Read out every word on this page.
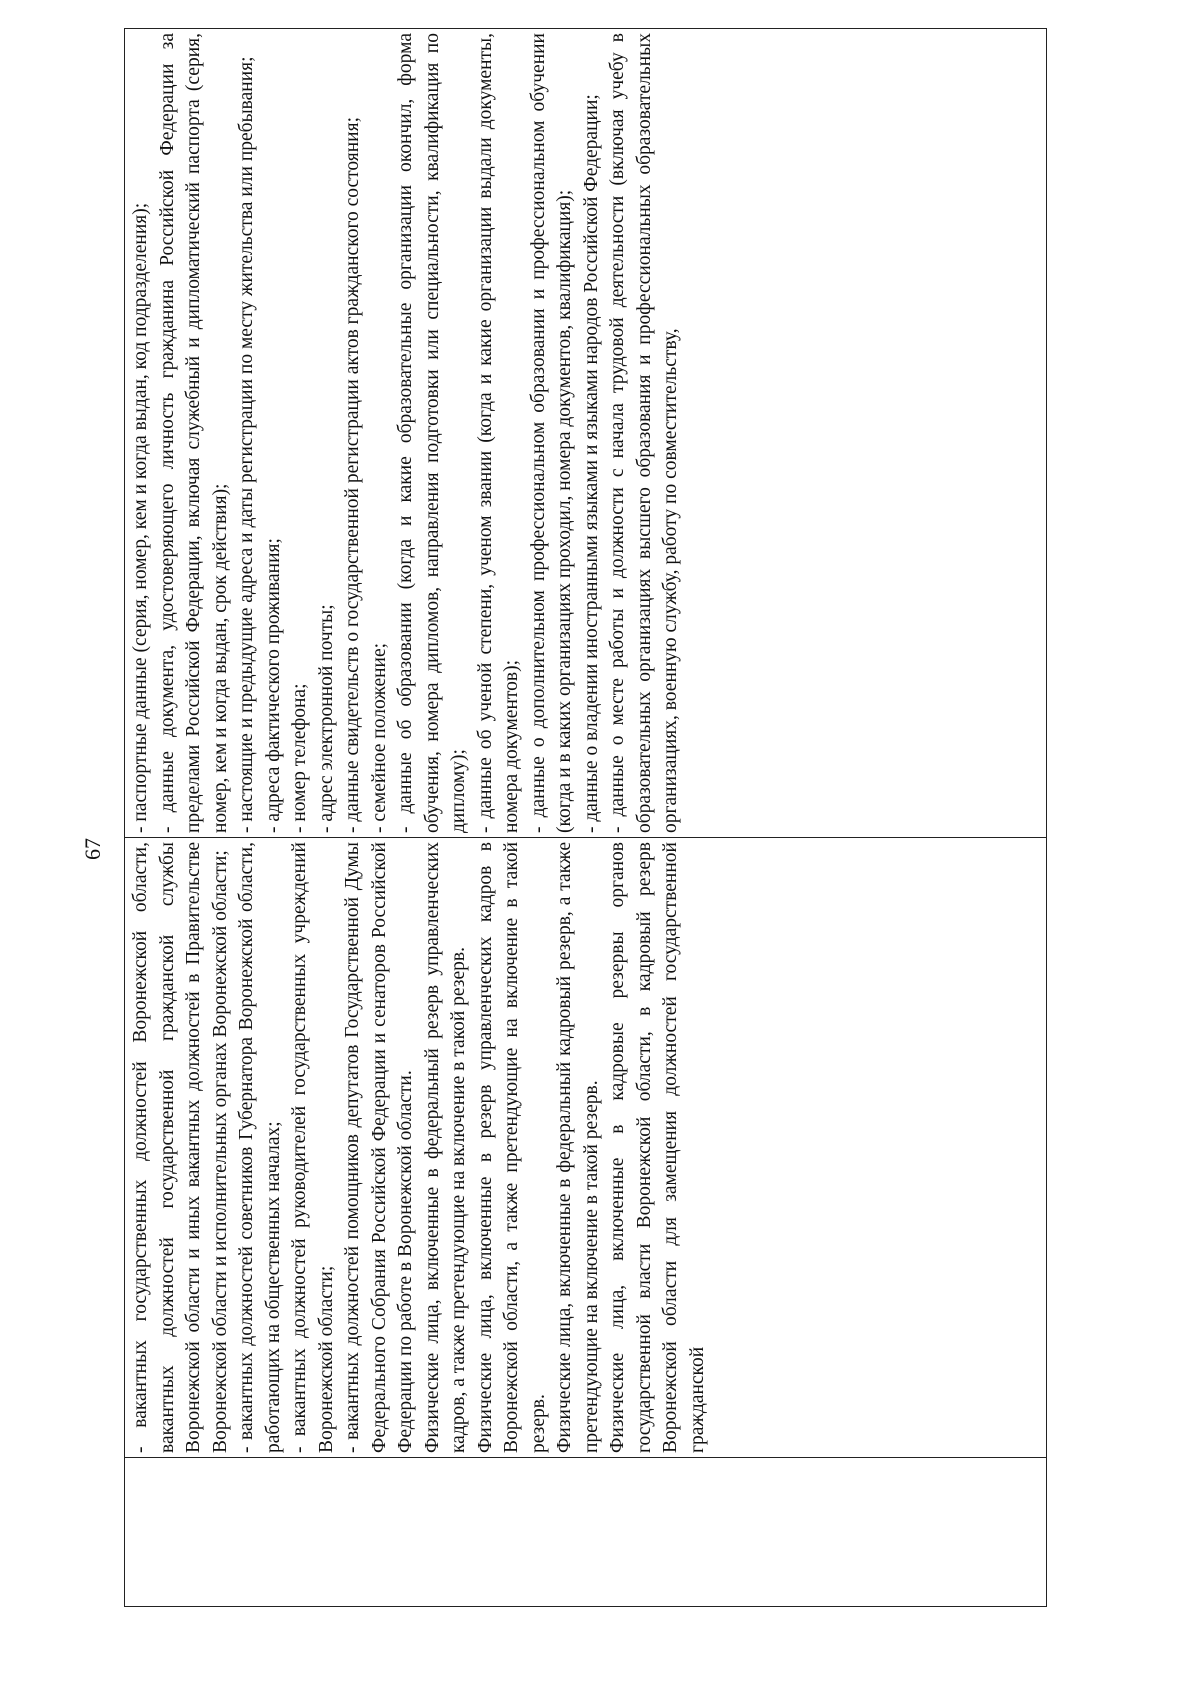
67
	- вакантных государственных должностей Воронежской области, вакантных должностей государственной гражданской службы Воронежской области и иных вакантных должностей в Правительстве Воронежской области и исполнительных органах Воронежской области; - вакантных должностей советников Губернатора Воронежской области, работающих на общественных началах; - вакантных должностей руководителей государственных учреждений Воронежской области; - вакантных должностей помощников депутатов Государственной Думы Федерального Собрания Российской Федерации и сенаторов Российской Федерации по работе в Воронежской области. Физические лица, включенные в федеральный резерв управленческих кадров, а также претендующие на включение в такой резерв. Физические лица, включенные в резерв управленческих кадров в Воронежской области, а также претендующие на включение в такой резерв. Физические лица, включенные в федеральный кадровый резерв, а также претендующие на включение в такой резерв. Физические лица, включенные в кадровые резервы органов государственной власти Воронежской области, в кадровый резерв Воронежской области для замещения должностей государственной гражданской

- паспортные данные (серия, номер, кем и когда выдан, код подразделения); - данные документа, удостоверяющего личность гражданина Российской Федерации за пределами Российской Федерации, включая служебный и дипломатический паспорта (серия, номер, кем и когда выдан, срок действия); - настоящие и предыдущие адреса и даты регистрации по месту жительства или пребывания; - адреса фактического проживания; - номер телефона; - адрес электронной почты; - данные свидетельств о государственной регистрации актов гражданского состояния; - семейное положение; - данные об образовании (когда и какие образовательные организации окончил, форма обучения, номера дипломов, направления подготовки или специальности, квалификация по диплому); - данные об ученой степени, ученом звании (когда и какие организации выдали документы, номера документов); - данные о дополнительном профессиональном образовании и профессиональном обучении (когда и в каких организациях проходил, номера документов, квалификация); - данные о владении иностранными языками и языками народов Российской Федерации; - данные о месте работы и должности с начала трудовой деятельности (включая учебу в образовательных организациях высшего образования и профессиональных образовательных организациях, военную службу, работу по совместительству,
